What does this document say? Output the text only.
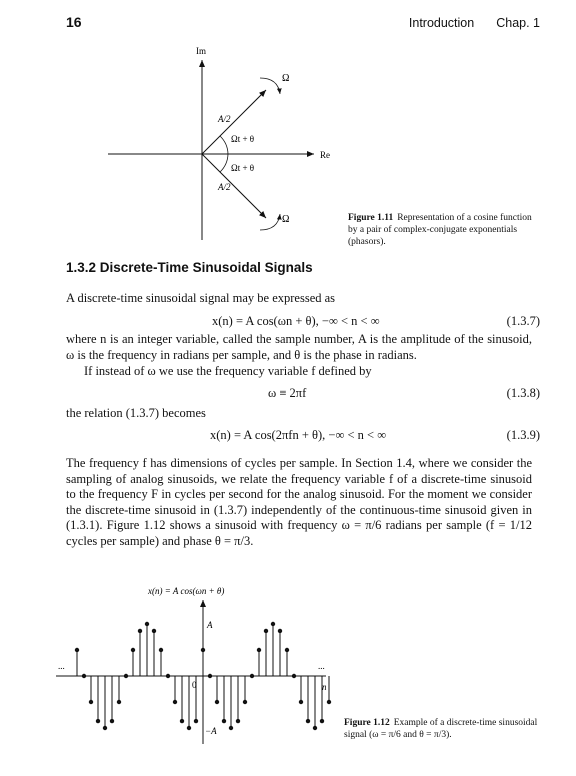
16	Introduction Chap. 1
Im
Re
Ω
Ω
A/2
A/2
Ωt + θ
Ωt + θ
Figure 1.11 Representation of a cosine function by a pair of complex-conjugate exponentials (phasors).
1.3.2 Discrete-Time Sinusoidal Signals
A discrete-time sinusoidal signal may be expressed as
x(n) = A cos(ωn + θ), −∞ < n < ∞	(1.3.7)
where n is an integer variable, called the sample number, A is the amplitude of the sinusoid, ω is the frequency in radians per sample, and θ is the phase in radians.
If instead of ω we use the frequency variable f defined by
ω ≡ 2πf	(1.3.8)
the relation (1.3.7) becomes
x(n) = A cos(2πfn + θ), −∞ < n < ∞	(1.3.9)
The frequency f has dimensions of cycles per sample. In Section 1.4, where we consider the sampling of analog sinusoids, we relate the frequency variable f of a discrete-time sinusoid to the frequency F in cycles per second for the analog sinusoid. For the moment we consider the discrete-time sinusoid in (1.3.7) independently of the continuous-time sinusoid given in (1.3.1). Figure 1.12 shows a sinusoid with frequency ω = π/6 radians per sample (f = 1/12 cycles per sample) and phase θ = π/3.
x(n) = A cos(ωn + θ)
A
−A
0	n
...	...
Figure 1.12 Example of a discrete-time sinusoidal signal (ω = π/6 and θ = π/3).
